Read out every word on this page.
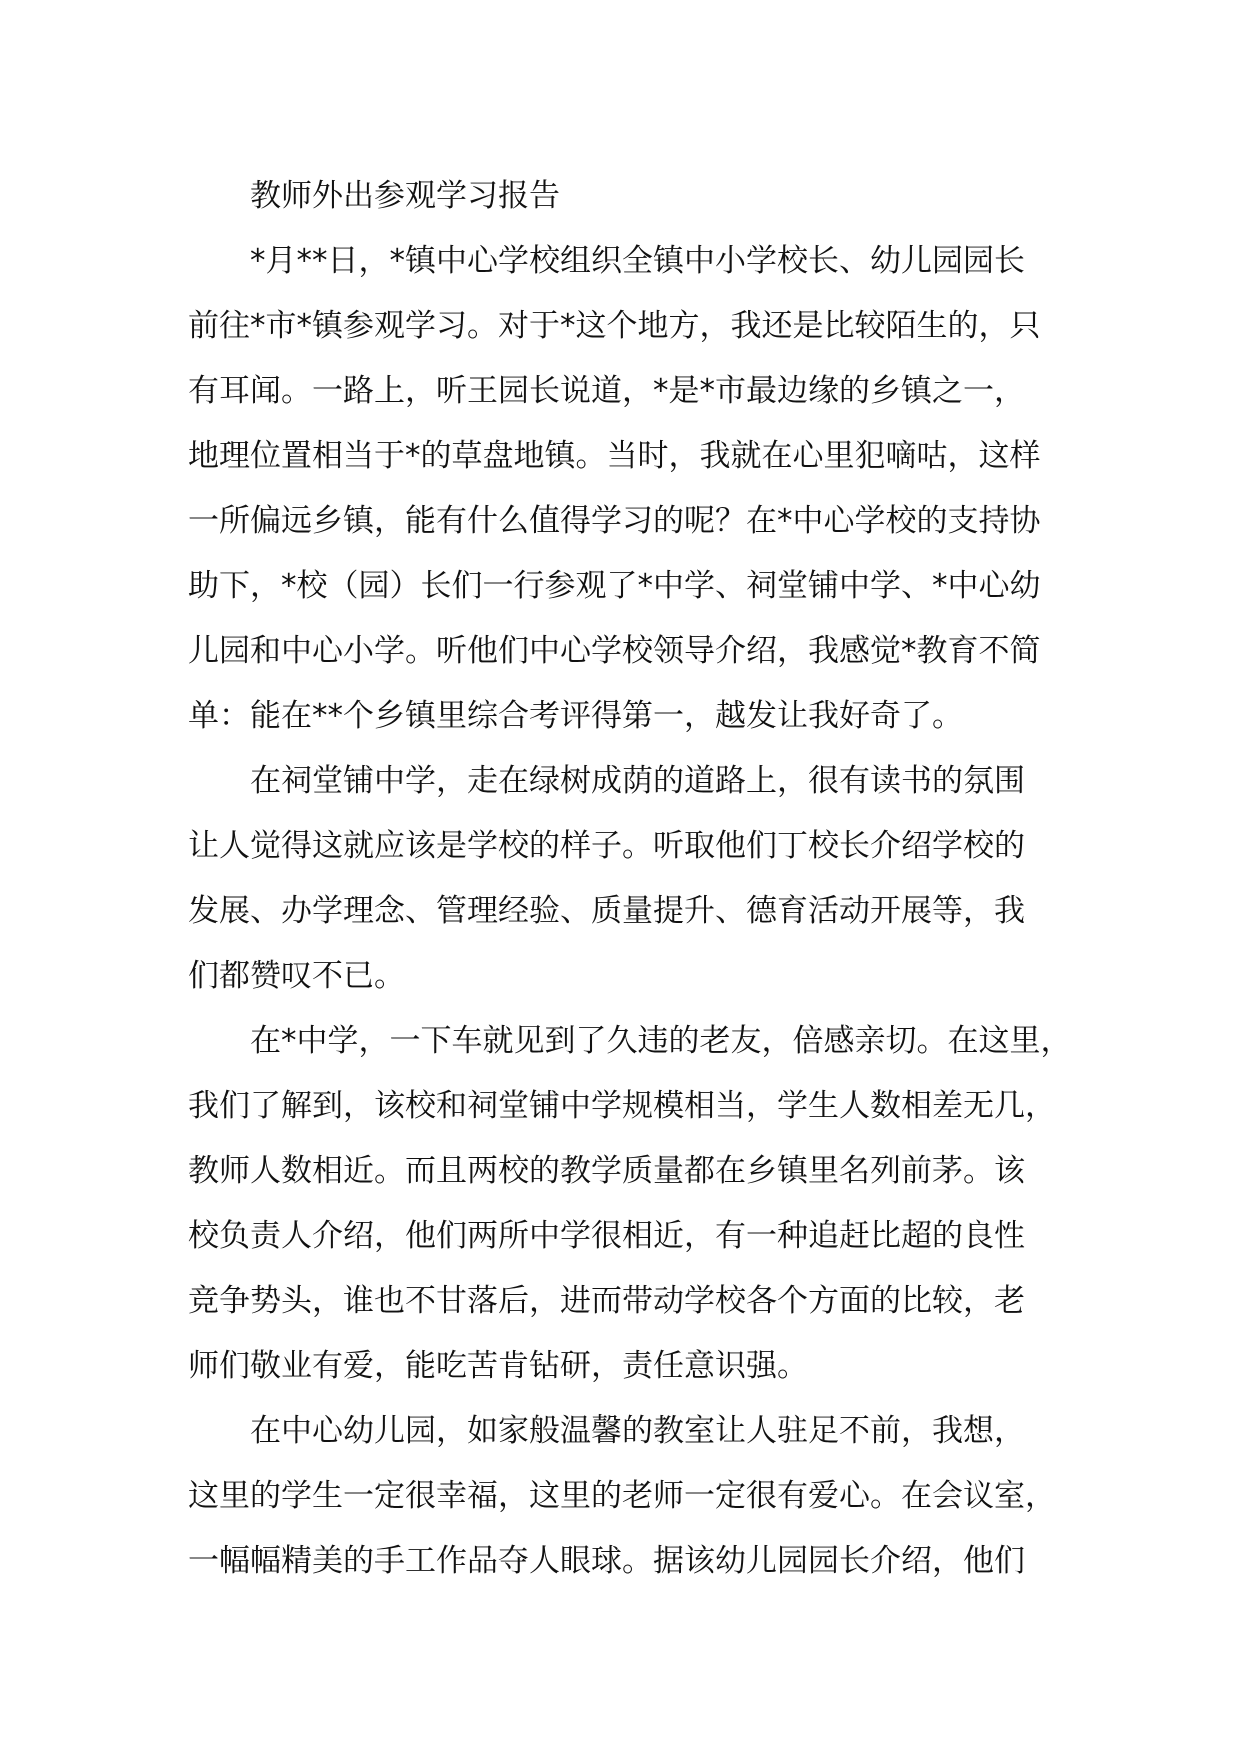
教师外出参观学习报告
*月**日，*镇中心学校组织全镇中小学校长、幼儿园园长
前往*市*镇参观学习。对于*这个地方，我还是比较陌生的，只
有耳闻。一路上，听王园长说道，*是*市最边缘的乡镇之一，
地理位置相当于*的草盘地镇。当时，我就在心里犯嘀咕，这样
一所偏远乡镇，能有什么值得学习的呢？在*中心学校的支持协
助下，*校（园）长们一行参观了*中学、祠堂铺中学、*中心幼
儿园和中心小学。听他们中心学校领导介绍，我感觉*教育不简
单：能在**个乡镇里综合考评得第一，越发让我好奇了。
在祠堂铺中学，走在绿树成荫的道路上，很有读书的氛围
让人觉得这就应该是学校的样子。听取他们丁校长介绍学校的
发展、办学理念、管理经验、质量提升、德育活动开展等，我
们都赞叹不已。
在*中学，一下车就见到了久违的老友，倍感亲切。在这里，
我们了解到，该校和祠堂铺中学规模相当，学生人数相差无几，
教师人数相近。而且两校的教学质量都在乡镇里名列前茅。该
校负责人介绍，他们两所中学很相近，有一种追赶比超的良性
竞争势头，谁也不甘落后，进而带动学校各个方面的比较，老
师们敬业有爱，能吃苦肯钻研，责任意识强。
在中心幼儿园，如家般温馨的教室让人驻足不前，我想，
这里的学生一定很幸福，这里的老师一定很有爱心。在会议室，
一幅幅精美的手工作品夺人眼球。据该幼儿园园长介绍，他们
